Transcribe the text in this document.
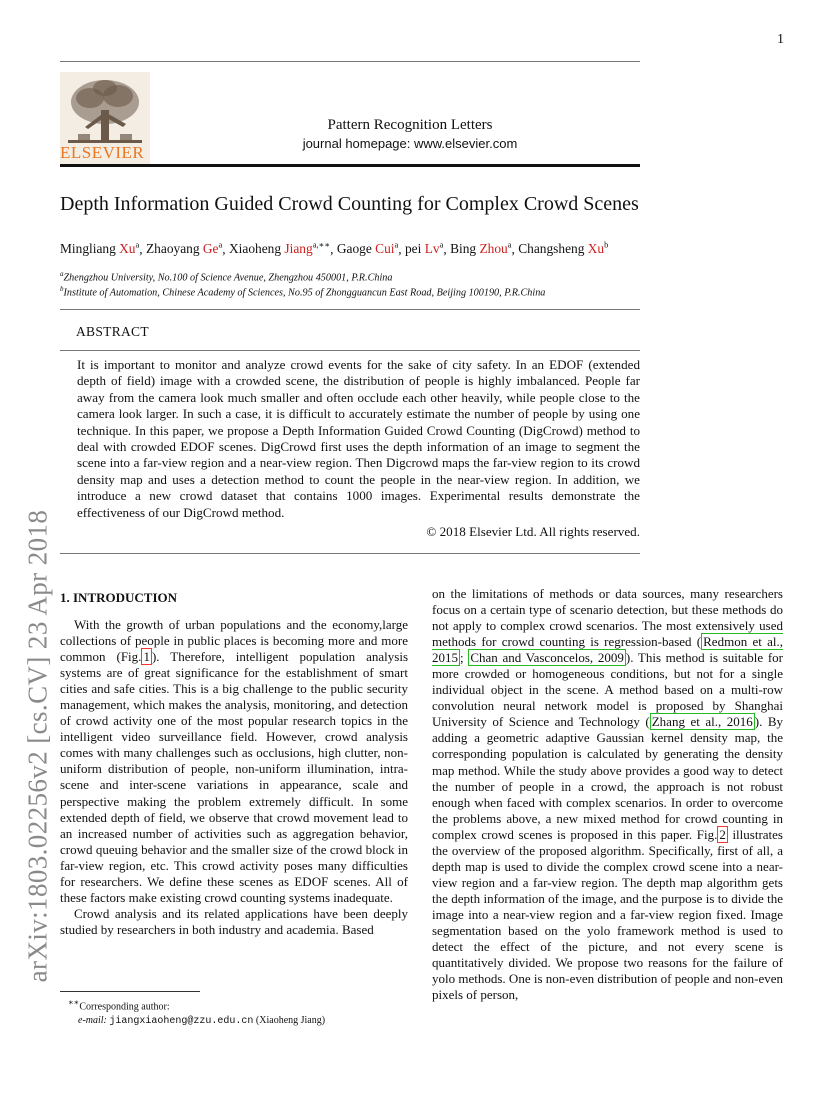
1
ELSEVIER
Pattern Recognition Letters
journal homepage: www.elsevier.com
Depth Information Guided Crowd Counting for Complex Crowd Scenes
Mingliang Xu$^a$, Zhaoyang Ge$^a$, Xiaoheng Jiang$^{a,∗∗}$, Gaoge Cui$^a$, pei Lv$^a$, Bing Zhou$^a$, Changsheng Xu$^b$
$^a$Zhengzhou University, No.100 of Science Avenue, Zhengzhou 450001, P.R.China
$^b$Institute of Automation, Chinese Academy of Sciences, No.95 of Zhongguancun East Road, Beijing 100190, P.R.China
ABSTRACT
It is important to monitor and analyze crowd events for the sake of city safety. In an EDOF (extended depth of field) image with a crowded scene, the distribution of people is highly imbalanced. People far away from the camera look much smaller and often occlude each other heavily, while people close to the camera look larger. In such a case, it is difficult to accurately estimate the number of people by using one technique. In this paper, we propose a Depth Information Guided Crowd Counting (DigCrowd) method to deal with crowded EDOF scenes. DigCrowd first uses the depth information of an image to segment the scene into a far-view region and a near-view region. Then Digcrowd maps the far-view region to its crowd density map and uses a detection method to count the people in the near-view region. In addition, we introduce a new crowd dataset that contains 1000 images. Experimental results demonstrate the effectiveness of our DigCrowd method.
© 2018 Elsevier Ltd. All rights reserved.
arXiv:1803.02256v2 [cs.CV] 23 Apr 2018 1. INTRODUCTION

With the growth of urban populations and the economy,large collections of people in public places is becoming more and more common (Fig. 1 ). Therefore, intelligent population analysis systems are of great significance for the establishment of smart cities and safe cities. This is a big challenge to the public security management, which makes the analysis, monitoring, and detection of crowd activity one of the most popular research topics in the intelligent video surveillance field. However, crowd analysis comes with many challenges such as occlusions, high clutter, non-uniform distribution of people, non-uniform illumination, intra-scene and inter-scene variations in appearance, scale and perspective making the problem extremely difficult. In some extended depth of field, we observe that crowd movement lead to an increased number of activities such as aggregation behavior, crowd queuing behavior and the smaller size of the crowd block in far-view region, etc. This crowd activity poses many difficulties for researchers. We define these scenes as EDOF scenes. All of these factors make existing crowd counting systems inadequate.

Crowd analysis and its related applications have been deeply studied by researchers in both industry and academia. Based

on the limitations of methods or data sources, many researchers focus on a certain type of scenario detection, but these methods do not apply to complex crowd scenarios. The most extensively used methods for crowd counting is regression-based ( Redmon et al., 2015 ; Chan and Vasconcelos, 2009 ). This method is suitable for more crowded or homogeneous conditions, but not for a single individual object in the scene. A method based on a multi-row convolution neural network model is proposed by Shanghai University of Science and Technology ( Zhang et al., 2016 ). By adding a geometric adaptive Gaussian kernel density map, the corresponding population is calculated by generating the density map method. While the study above provides a good way to detect the number of people in a crowd, the approach is not robust enough when faced with complex scenarios. In order to overcome the problems above, a new mixed method for crowd counting in complex crowd scenes is proposed in this paper. Fig. 2 illustrates the overview of the proposed algorithm. Specifically, first of all, a depth map is used to divide the complex crowd scene into a near-view region and a far-view region. The depth map algorithm gets the depth information of the image, and the purpose is to divide the image into a near-view region and a far-view region fixed. Image segmentation based on the yolo framework method is used to detect the effect of the picture, and not every scene is quantitatively divided. We propose two reasons for the failure of yolo methods. One is non-even distribution of people and non-even pixels of person,

∗∗Corresponding author:
e-mail: jiangxiaoheng@zzu.edu.cn (Xiaoheng Jiang)
